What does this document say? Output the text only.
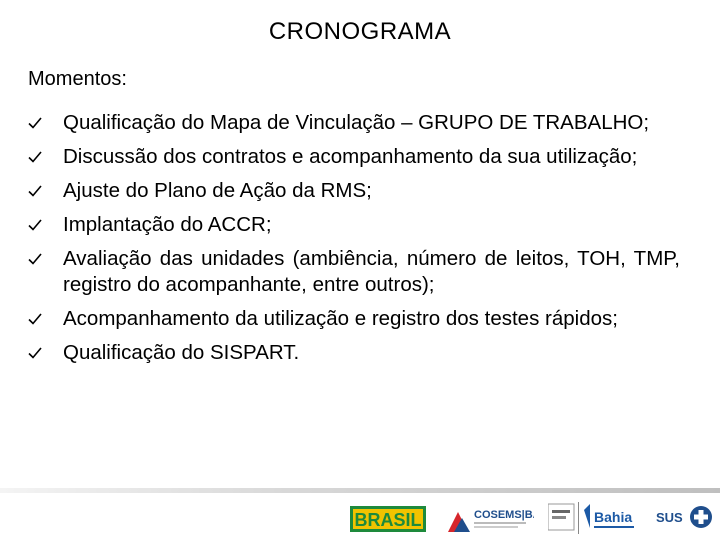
CRONOGRAMA
Momentos:
Qualificação do Mapa de Vinculação – GRUPO DE TRABALHO;
Discussão dos contratos e acompanhamento da sua utilização;
Ajuste do Plano de Ação da RMS;
Implantação do ACCR;
Avaliação das unidades (ambiência, número de leitos, TOH, TMP, registro do acompanhante, entre outros);
Acompanhamento da utilização e registro dos testes rápidos;
Qualificação do SISPART.
BRASIL	COSEMS|BA	Bahia SUS
